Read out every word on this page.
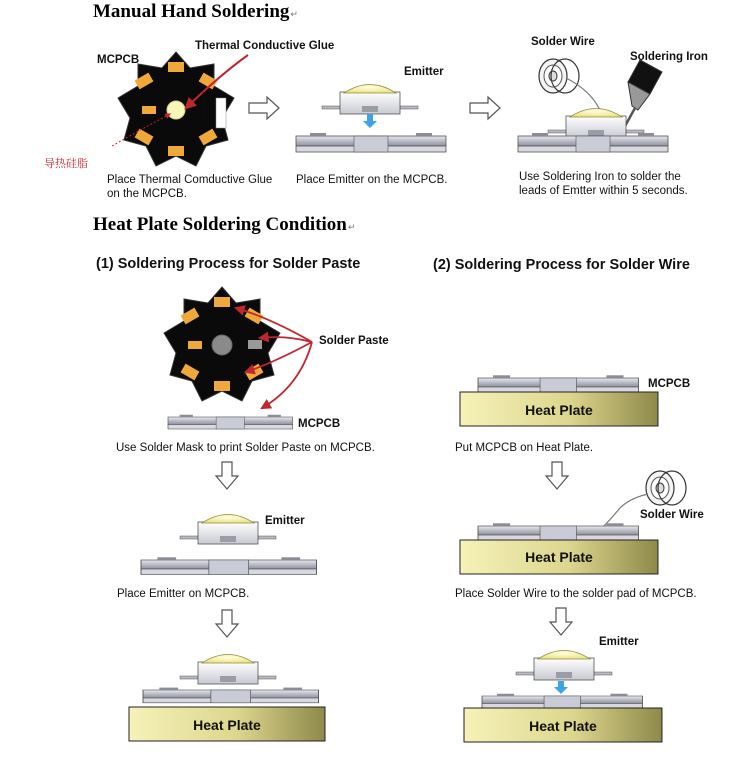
Manual Hand Soldering↵
MCPCB
Thermal Conductive Glue
导热硅脂
PROLIGHT
Place Thermal Comductive Glue
on the MCPCB.
Emitter
Place Emitter on the MCPCB.
Solder Wire
Soldering Iron
Use Soldering Iron to solder the
leads of Emtter within 5 seconds.
Heat Plate Soldering Condition↵
(1) Soldering Process for Solder Paste	(2) Soldering Process for Solder Wire
Solder Paste
MCPCB
Use Solder Mask to print Solder Paste on MCPCB.
Emitter
Place Emitter on MCPCB.
Heat Plate
MCPCB
Heat Plate
Put MCPCB on Heat Plate.
Solder Wire
Heat Plate
Place Solder Wire to the solder pad of MCPCB.
Emitter
Heat Plate
